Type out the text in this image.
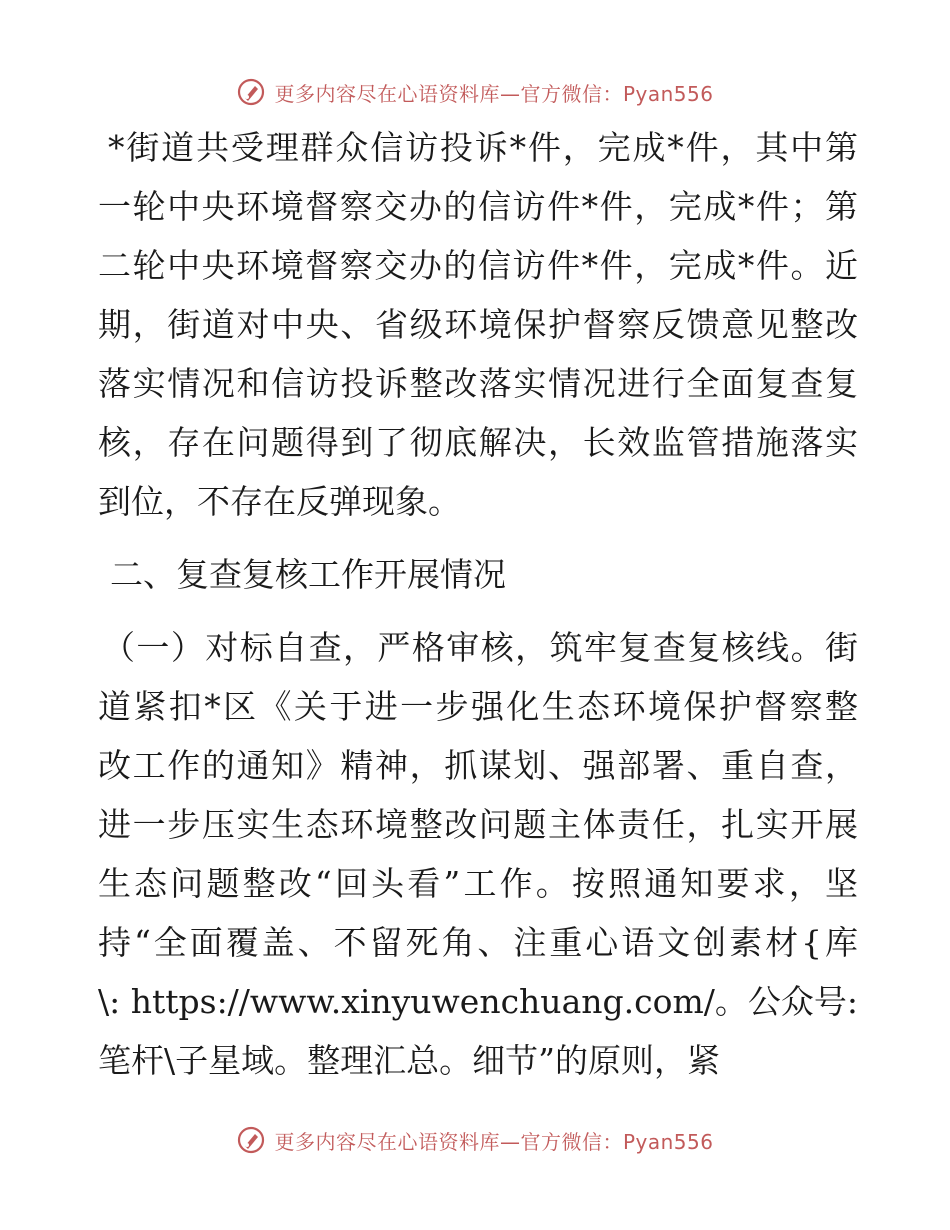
更多内容尽在心语资料库—官方微信：Pyan556
*街道共受理群众信访投诉*件，完成*件，其中第
一轮中央环境督察交办的信访件*件，完成*件；第
二轮中央环境督察交办的信访件*件，完成*件。近
期，街道对中央、省级环境保护督察反馈意见整改
落实情况和信访投诉整改落实情况进行全面复查复
核，存在问题得到了彻底解决，长效监管措施落实
到位，不存在反弹现象。
二、复查复核工作开展情况
（一）对标自查，严格审核，筑牢复查复核线。街
道紧扣*区《关于进一步强化生态环境保护督察整
改工作的通知》精神，抓谋划、强部署、重自查，
进一步压实生态环境整改问题主体责任，扎实开展
生态问题整改“回头看”工作。按照通知要求，坚
持“全面覆盖、不留死角、注重心语文创素材{库
\: https://www.xinyuwenchuang.com/。公众号:
笔杆\子星域。整理汇总。细节”的原则，紧
更多内容尽在心语资料库—官方微信：Pyan556
